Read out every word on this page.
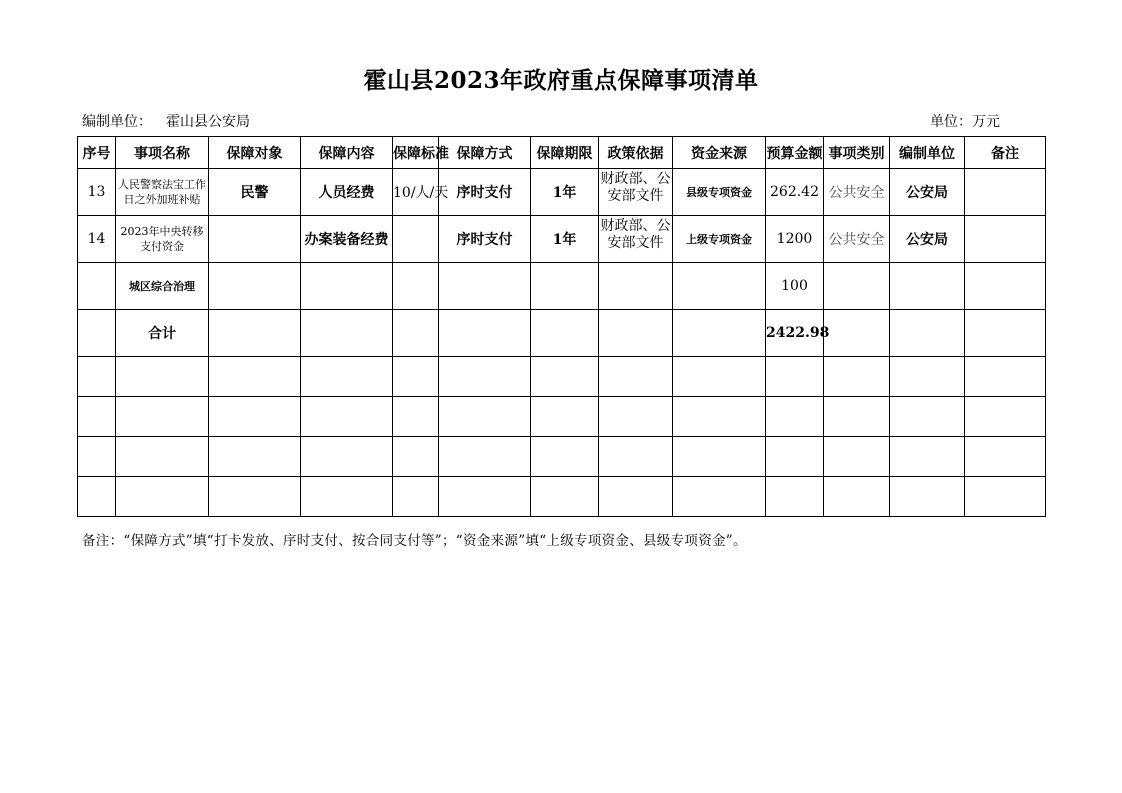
霍山县2023年政府重点保障事项清单
编制单位： 霍山县公安局	单位：万元
序号	事项名称	保障对象	保障内容	保障标准	保障方式	保障期限	政策依据	资金来源	预算金额	事项类别	编制单位	备注
13	人民警察法宝工作日之外加班补贴	民警	人员经费	10/人/天	序时支付	1年	财政部、公安部文件	县级专项资金	262.42	公共安全	公安局	
14	2023年中央转移支付资金		办案装备经费		序时支付	1年	财政部、公安部文件	上级专项资金	1200	公共安全	公安局	
	城区综合治理								100			
	合计								2422.98			

备注：“保障方式”填“打卡发放、序时支付、按合同支付等”；“资金来源”填“上级专项资金、县级专项资金”。
